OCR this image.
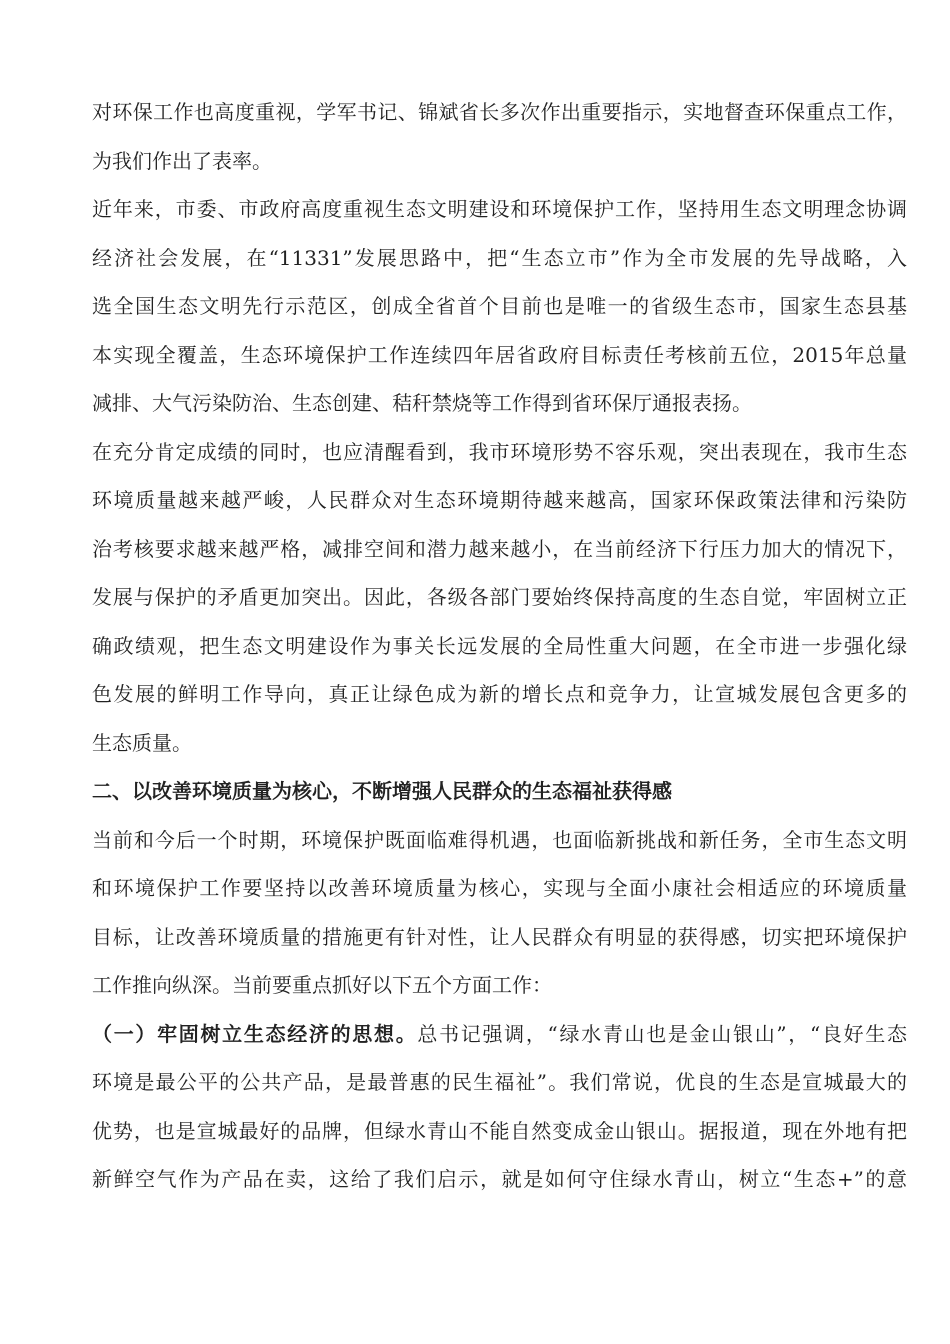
对环保工作也高度重视，学军书记、锦斌省长多次作出重要指示，实地督查环保重点工作，
为我们作出了表率。
近年来，市委、市政府高度重视生态文明建设和环境保护工作，坚持用生态文明理念协调
经济社会发展，在“11331”发展思路中，把“生态立市”作为全市发展的先导战略，入
选全国生态文明先行示范区，创成全省首个目前也是唯一的省级生态市，国家生态县基
本实现全覆盖，生态环境保护工作连续四年居省政府目标责任考核前五位，2015年总量
减排、大气污染防治、生态创建、秸秆禁烧等工作得到省环保厅通报表扬。
在充分肯定成绩的同时，也应清醒看到，我市环境形势不容乐观，突出表现在，我市生态
环境质量越来越严峻，人民群众对生态环境期待越来越高，国家环保政策法律和污染防
治考核要求越来越严格，减排空间和潜力越来越小，在当前经济下行压力加大的情况下，
发展与保护的矛盾更加突出。因此，各级各部门要始终保持高度的生态自觉，牢固树立正
确政绩观，把生态文明建设作为事关长远发展的全局性重大问题，在全市进一步强化绿
色发展的鲜明工作导向，真正让绿色成为新的增长点和竞争力，让宣城发展包含更多的
生态质量。
二、以改善环境质量为核心，不断增强人民群众的生态福祉获得感
当前和今后一个时期，环境保护既面临难得机遇，也面临新挑战和新任务，全市生态文明
和环境保护工作要坚持以改善环境质量为核心，实现与全面小康社会相适应的环境质量
目标，让改善环境质量的措施更有针对性，让人民群众有明显的获得感，切实把环境保护
工作推向纵深。当前要重点抓好以下五个方面工作：
（一）牢固树立生态经济的思想。总书记强调，“绿水青山也是金山银山”，“良好生态
环境是最公平的公共产品，是最普惠的民生福祉”。我们常说，优良的生态是宣城最大的
优势，也是宣城最好的品牌，但绿水青山不能自然变成金山银山。据报道，现在外地有把
新鲜空气作为产品在卖，这给了我们启示，就是如何守住绿水青山，树立“生态+”的意
